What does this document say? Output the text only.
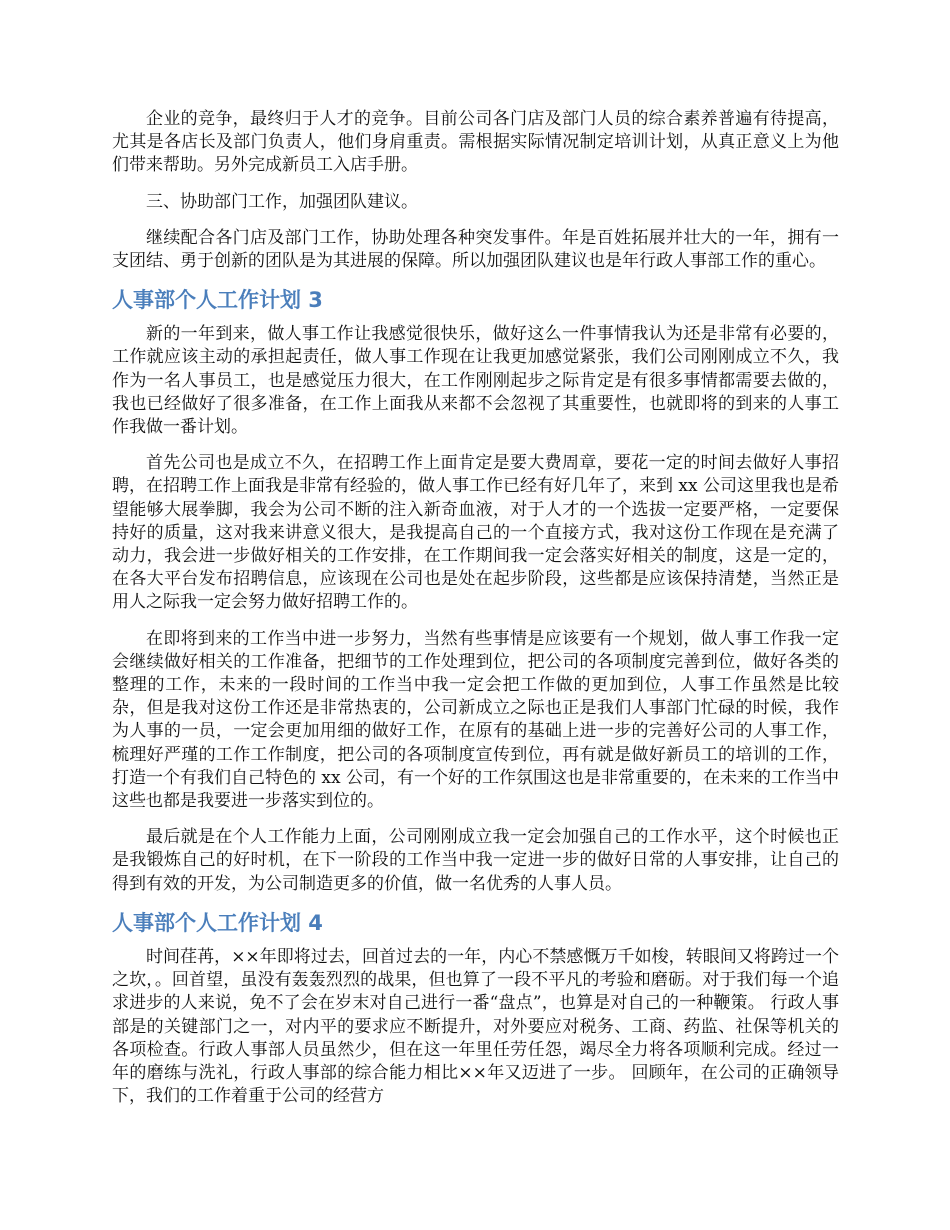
企业的竞争，最终归于人才的竞争。目前公司各门店及部门人员的综合素养普遍有待提高，尤其是各店长及部门负责人，他们身肩重责。需根据实际情况制定培训计划，从真正意义上为他们带来帮助。另外完成新员工入店手册。

三、协助部门工作，加强团队建议。

继续配合各门店及部门工作，协助处理各种突发事件。年是百姓拓展并壮大的一年，拥有一支团结、勇于创新的团队是为其进展的保障。所以加强团队建议也是年行政人事部工作的重心。

人事部个人工作计划 3

新的一年到来，做人事工作让我感觉很快乐，做好这么一件事情我认为还是非常有必要的，工作就应该主动的承担起责任，做人事工作现在让我更加感觉紧张，我们公司刚刚成立不久，我作为一名人事员工，也是感觉压力很大，在工作刚刚起步之际肯定是有很多事情都需要去做的，我也已经做好了很多准备，在工作上面我从来都不会忽视了其重要性，也就即将的到来的人事工作我做一番计划。

首先公司也是成立不久，在招聘工作上面肯定是要大费周章，要花一定的时间去做好人事招聘，在招聘工作上面我是非常有经验的，做人事工作已经有好几年了，来到 xx 公司这里我也是希望能够大展拳脚，我会为公司不断的注入新奇血液，对于人才的一个选拔一定要严格，一定要保持好的质量，这对我来讲意义很大，是我提高自己的一个直接方式，我对这份工作现在是充满了动力，我会进一步做好相关的工作安排，在工作期间我一定会落实好相关的制度，这是一定的，在各大平台发布招聘信息，应该现在公司也是处在起步阶段，这些都是应该保持清楚，当然正是用人之际我一定会努力做好招聘工作的。

在即将到来的工作当中进一步努力，当然有些事情是应该要有一个规划，做人事工作我一定会继续做好相关的工作准备，把细节的工作处理到位，把公司的各项制度完善到位，做好各类的整理的工作，未来的一段时间的工作当中我一定会把工作做的更加到位，人事工作虽然是比较杂，但是我对这份工作还是非常热衷的，公司新成立之际也正是我们人事部门忙碌的时候，我作为人事的一员，一定会更加用细的做好工作，在原有的基础上进一步的完善好公司的人事工作，梳理好严瑾的工作工作制度，把公司的各项制度宣传到位，再有就是做好新员工的培训的工作，打造一个有我们自己特色的 xx 公司，有一个好的工作氛围这也是非常重要的，在未来的工作当中这些也都是我要进一步落实到位的。

最后就是在个人工作能力上面，公司刚刚成立我一定会加强自己的工作水平，这个时候也正是我锻炼自己的好时机，在下一阶段的工作当中我一定进一步的做好日常的人事安排，让自己的得到有效的开发，为公司制造更多的价值，做一名优秀的人事人员。

人事部个人工作计划 4

时间荏苒，××年即将过去，回首过去的一年，内心不禁感慨万千如梭，转眼间又将跨过一个之坎，。回首望，虽没有轰轰烈烈的战果，但也算了一段不平凡的考验和磨砺。对于我们每一个追求进步的人来说，免不了会在岁末对自己进行一番“盘点”，也算是对自己的一种鞭策。 行政人事部是的关键部门之一，对内平的要求应不断提升，对外要应对税务、工商、药监、社保等机关的各项检查。行政人事部人员虽然少，但在这一年里任劳任怨，竭尽全力将各项顺利完成。经过一年的磨练与洗礼，行政人事部的综合能力相比××年又迈进了一步。 回顾年，在公司的正确领导下，我们的工作着重于公司的经营方
